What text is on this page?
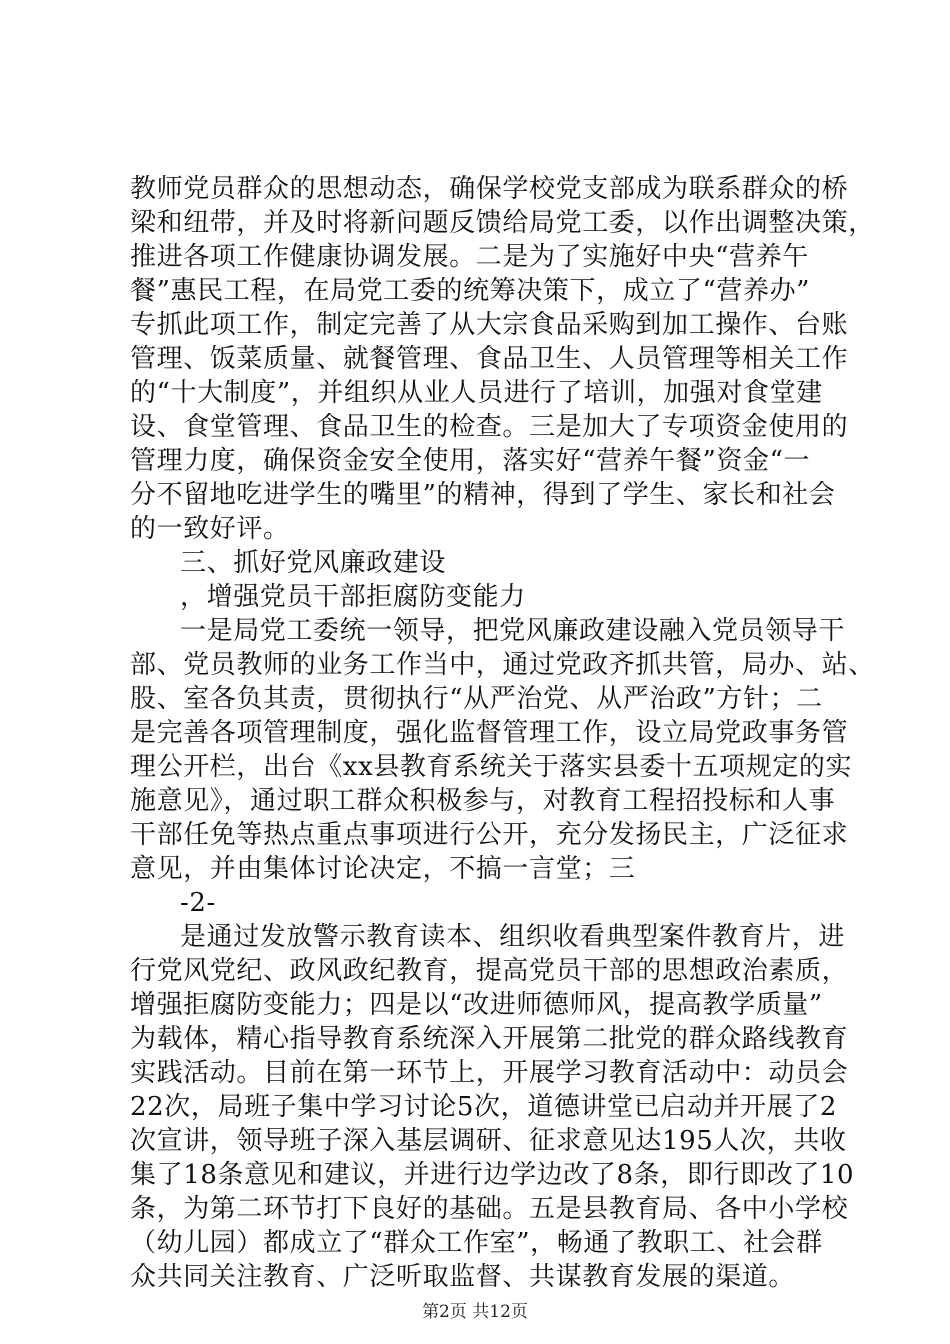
教师党员群众的思想动态，确保学校党支部成为联系群众的桥
梁和纽带，并及时将新问题反馈给局党工委，以作出调整决策，
推进各项工作健康协调发展。二是为了实施好中央“营养午
餐”惠民工程，在局党工委的统筹决策下，成立了“营养办”
专抓此项工作，制定完善了从大宗食品采购到加工操作、台账
管理、饭菜质量、就餐管理、食品卫生、人员管理等相关工作
的“十大制度”，并组织从业人员进行了培训，加强对食堂建
设、食堂管理、食品卫生的检查。三是加大了专项资金使用的
管理力度，确保资金安全使用，落实好“营养午餐”资金“一
分不留地吃进学生的嘴里”的精神，得到了学生、家长和社会
的一致好评。
三、抓好党风廉政建设
，增强党员干部拒腐防变能力
一是局党工委统一领导，把党风廉政建设融入党员领导干
部、党员教师的业务工作当中，通过党政齐抓共管，局办、站、
股、室各负其责，贯彻执行“从严治党、从严治政”方针；二
是完善各项管理制度，强化监督管理工作，设立局党政事务管
理公开栏，出台《xx县教育系统关于落实县委十五项规定的实
施意见》，通过职工群众积极参与，对教育工程招投标和人事
干部任免等热点重点事项进行公开，充分发扬民主，广泛征求
意见，并由集体讨论决定，不搞一言堂；三
-2-
是通过发放警示教育读本、组织收看典型案件教育片，进
行党风党纪、政风政纪教育，提高党员干部的思想政治素质，
增强拒腐防变能力；四是以“改进师德师风，提高教学质量”
为载体，精心指导教育系统深入开展第二批党的群众路线教育
实践活动。目前在第一环节上，开展学习教育活动中：动员会
22次，局班子集中学习讨论5次，道德讲堂已启动并开展了2
次宣讲，领导班子深入基层调研、征求意见达195人次，共收
集了18条意见和建议，并进行边学边改了8条，即行即改了10
条，为第二环节打下良好的基础。五是县教育局、各中小学校
（幼儿园）都成立了“群众工作室”，畅通了教职工、社会群
众共同关注教育、广泛听取监督、共谋教育发展的渠道。
第2页 共12页
